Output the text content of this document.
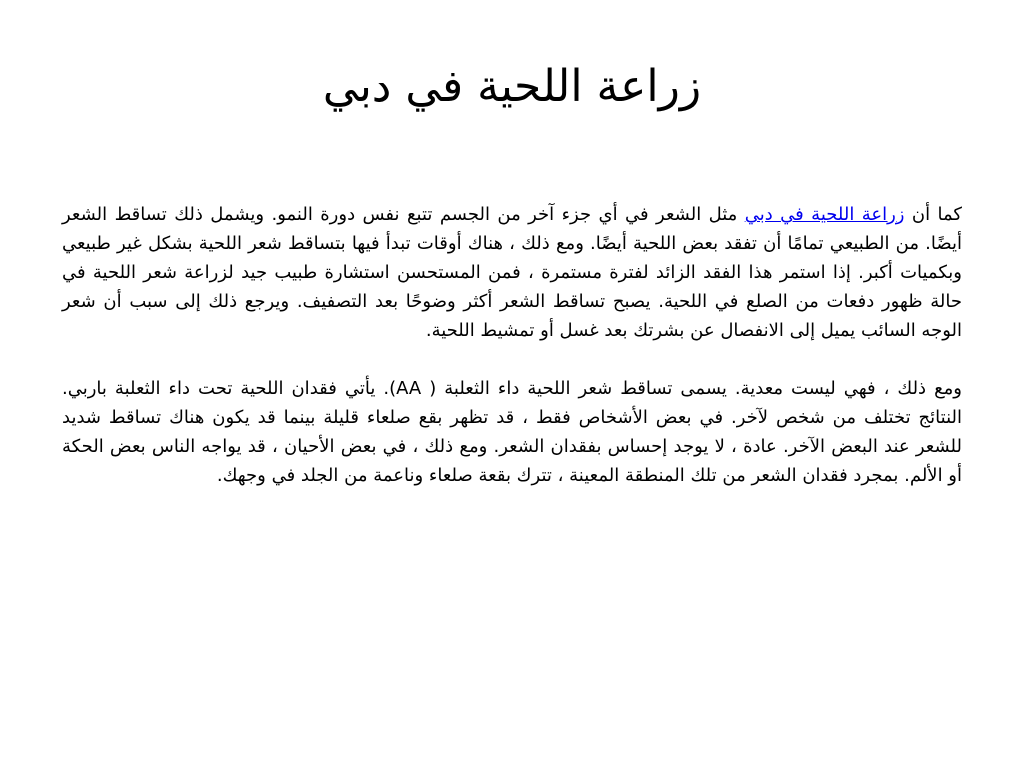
زراعة اللحية في دبي

كما أن زراعة اللحية في دبي مثل الشعر في أي جزء آخر من الجسم تتبع نفس دورة النمو. ويشمل ذلك تساقط الشعر أيضًا. من الطبيعي تمامًا أن تفقد بعض اللحية أيضًا. ومع ذلك ، هناك أوقات تبدأ فيها بتساقط شعر اللحية بشكل غير طبيعي وبكميات أكبر. إذا استمر هذا الفقد الزائد لفترة مستمرة ، فمن المستحسن استشارة طبيب جيد لزراعة شعر اللحية في حالة ظهور دفعات من الصلع في اللحية. يصبح تساقط الشعر أكثر وضوحًا بعد التصفيف. ويرجع ذلك إلى سبب أن شعر الوجه السائب يميل إلى الانفصال عن بشرتك بعد غسل أو تمشيط اللحية.

ومع ذلك ، فهي ليست معدية. يسمى تساقط شعر اللحية داء الثعلبة ( AA). يأتي فقدان اللحية تحت داء الثعلبة باربي. النتائج تختلف من شخص لآخر. في بعض الأشخاص فقط ، قد تظهر بقع صلعاء قليلة بينما قد يكون هناك تساقط شديد للشعر عند البعض الآخر. عادة ، لا يوجد إحساس بفقدان الشعر. ومع ذلك ، في بعض الأحيان ، قد يواجه الناس بعض الحكة أو الألم. بمجرد فقدان الشعر من تلك المنطقة المعينة ، تترك بقعة صلعاء وناعمة من الجلد في وجهك.
